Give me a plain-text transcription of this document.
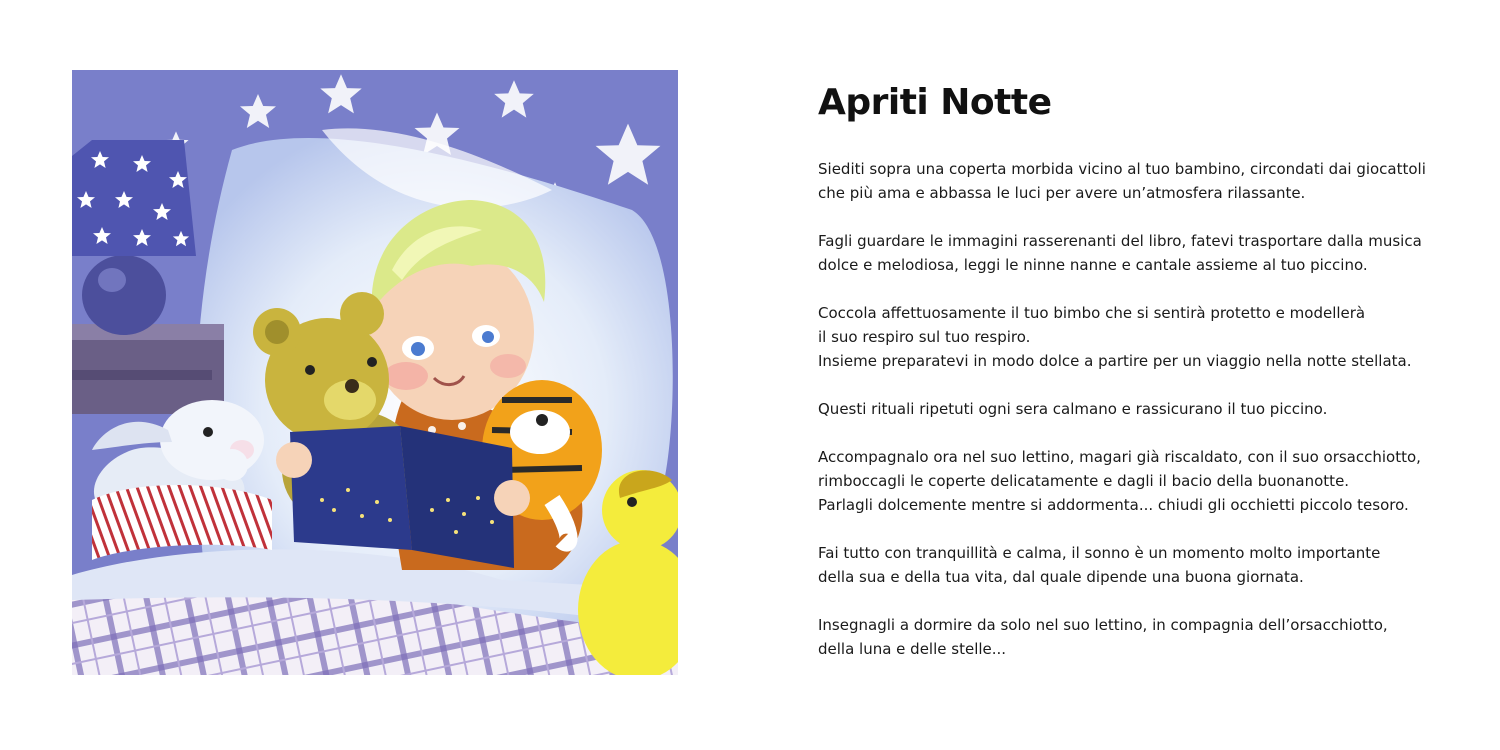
Apriti Notte

Siediti sopra una coperta morbida vicino al tuo bambino, circondati dai giocattoli
che più ama e abbassa le luci per avere un’atmosfera rilassante.

Fagli guardare le immagini rasserenanti del libro, fatevi trasportare dalla musica
dolce e melodiosa, leggi le ninne nanne e cantale assieme al tuo piccino.

Coccola affettuosamente il tuo bimbo che si sentirà protetto e modellerà
il suo respiro sul tuo respiro.
Insieme preparatevi in modo dolce a partire per un viaggio nella notte stellata.

Questi rituali ripetuti ogni sera calmano e rassicurano il tuo piccino.

Accompagnalo ora nel suo lettino, magari già riscaldato, con il suo orsacchiotto,
rimboccagli le coperte delicatamente e dagli il bacio della buonanotte.
Parlagli dolcemente mentre si addormenta... chiudi gli occhietti piccolo tesoro.

Fai tutto con tranquillità e calma, il sonno è un momento molto importante
della sua e della tua vita, dal quale dipende una buona giornata.

Insegnagli a dormire da solo nel suo lettino, in compagnia dell’orsacchiotto,
della luna e delle stelle...
